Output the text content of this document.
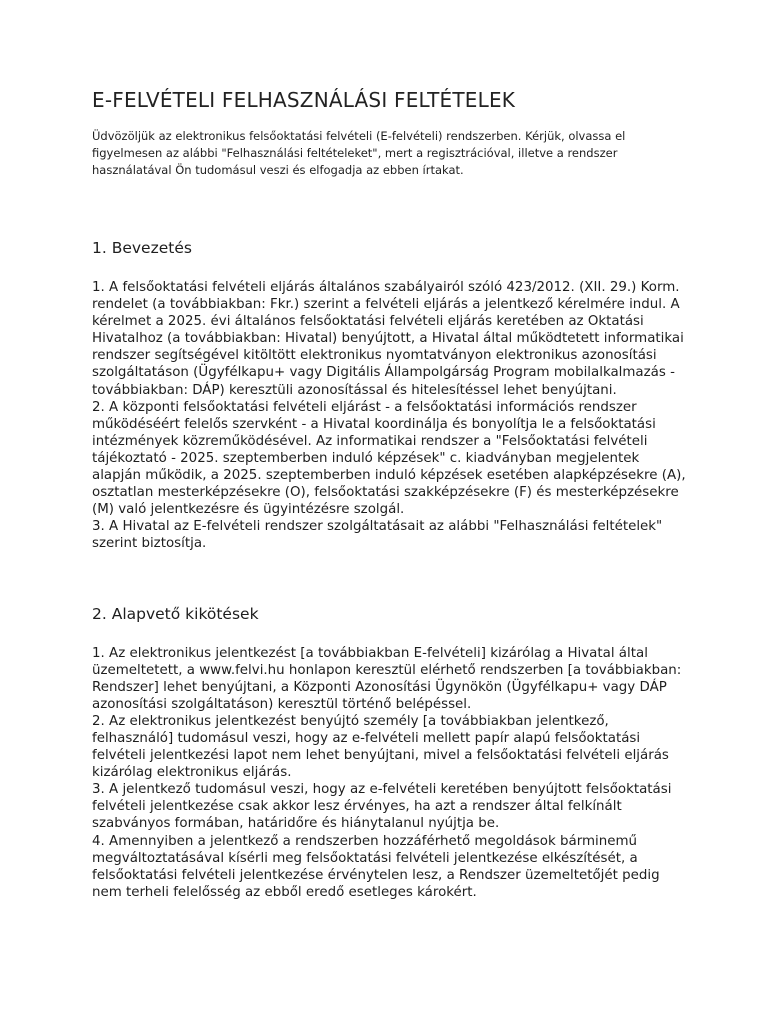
E-FELVÉTELI FELHASZNÁLÁSI FELTÉTELEK

Üdvözöljük az elektronikus felsőoktatási felvételi (E-felvételi) rendszerben. Kérjük, olvassa el figyelmesen az alábbi "Felhasználási feltételeket", mert a regisztrációval, illetve a rendszer használatával Ön tudomásul veszi és elfogadja az ebben írtakat.

1. Bevezetés

1. A felsőoktatási felvételi eljárás általános szabályairól szóló 423/2012. (XII. 29.) Korm. rendelet (a továbbiakban: Fkr.) szerint a felvételi eljárás a jelentkező kérelmére indul. A kérelmet a 2025. évi általános felsőoktatási felvételi eljárás keretében az Oktatási Hivatalhoz (a továbbiakban: Hivatal) benyújtott, a Hivatal által működtetett informatikai rendszer segítségével kitöltött elektronikus nyomtatványon elektronikus azonosítási szolgáltatáson (Ügyfélkapu+ vagy Digitális Állampolgárság Program mobilalkalmazás - továbbiakban: DÁP) keresztüli azonosítással és hitelesítéssel lehet benyújtani.

2. A központi felsőoktatási felvételi eljárást - a felsőoktatási információs rendszer működéséért felelős szervként - a Hivatal koordinálja és bonyolítja le a felsőoktatási intézmények közreműködésével. Az informatikai rendszer a "Felsőoktatási felvételi tájékoztató - 2025. szeptemberben induló képzések" c. kiadványban megjelentek alapján működik, a 2025. szeptemberben induló képzések esetében alapképzésekre (A), osztatlan mesterképzésekre (O), felsőoktatási szakképzésekre (F) és mesterképzésekre (M) való jelentkezésre és ügyintézésre szolgál.

3. A Hivatal az E-felvételi rendszer szolgáltatásait az alábbi "Felhasználási feltételek" szerint biztosítja.

2. Alapvető kikötések

1. Az elektronikus jelentkezést [a továbbiakban E-felvételi] kizárólag a Hivatal által üzemeltetett, a www.felvi.hu honlapon keresztül elérhető rendszerben [a továbbiakban: Rendszer] lehet benyújtani, a Központi Azonosítási Ügynökön (Ügyfélkapu+ vagy DÁP azonosítási szolgáltatáson) keresztül történő belépéssel.

2. Az elektronikus jelentkezést benyújtó személy [a továbbiakban jelentkező, felhasználó] tudomásul veszi, hogy az e-felvételi mellett papír alapú felsőoktatási felvételi jelentkezési lapot nem lehet benyújtani, mivel a felsőoktatási felvételi eljárás kizárólag elektronikus eljárás.

3. A jelentkező tudomásul veszi, hogy az e-felvételi keretében benyújtott felsőoktatási felvételi jelentkezése csak akkor lesz érvényes, ha azt a rendszer által felkínált szabványos formában, határidőre és hiánytalanul nyújtja be.

4. Amennyiben a jelentkező a rendszerben hozzáférhető megoldások bárminemű megváltoztatásával kísérli meg felsőoktatási felvételi jelentkezése elkészítését, a felsőoktatási felvételi jelentkezése érvénytelen lesz, a Rendszer üzemeltetőjét pedig nem terheli felelősség az ebből eredő esetleges károkért.
